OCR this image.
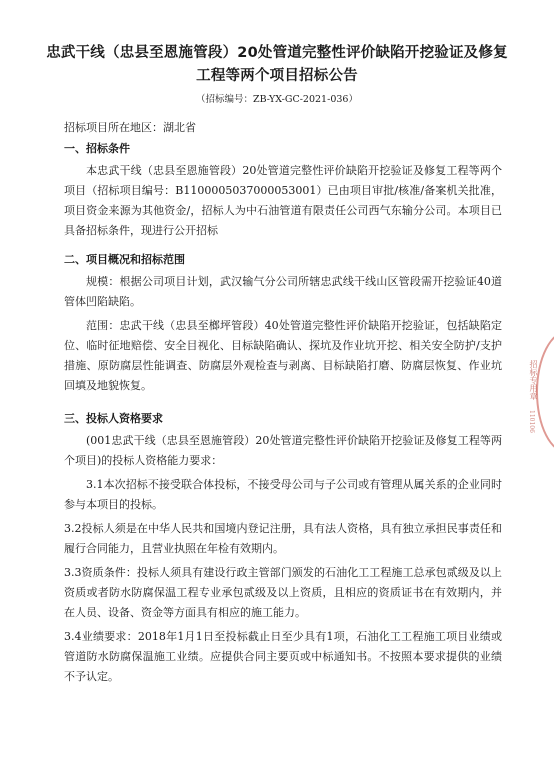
忠武干线（忠县至恩施管段）20处管道完整性评价缺陷开挖验证及修复
工程等两个项目招标公告
（招标编号：ZB-YX-GC-2021-036）

招标项目所在地区：湖北省

一、招标条件

本忠武干线（忠县至恩施管段）20处管道完整性评价缺陷开挖验证及修复工程等两个项目（招标项目编号：B1100005037000053001）已由项目审批/核准/备案机关批准，项目资金来源为其他资金/，招标人为中石油管道有限责任公司西气东输分公司。本项目已具备招标条件，现进行公开招标

二、项目概况和招标范围

规模：根据公司项目计划，武汉输气分公司所辖忠武线干线山区管段需开挖验证40道管体凹陷缺陷。

范围：忠武干线（忠县至榔坪管段）40处管道完整性评价缺陷开挖验证，包括缺陷定位、临时征地赔偿、安全目视化、目标缺陷确认、探坑及作业坑开挖、相关安全防护/支护措施、原防腐层性能调查、防腐层外观检查与剥离、目标缺陷打磨、防腐层恢复、作业坑回填及地貌恢复。

三、投标人资格要求

(001忠武干线（忠县至恩施管段）20处管道完整性评价缺陷开挖验证及修复工程等两个项目)的投标人资格能力要求：

3.1本次招标不接受联合体投标，不接受母公司与子公司或有管理从属关系的企业同时参与本项目的投标。

3.2投标人须是在中华人民共和国境内登记注册，具有法人资格，具有独立承担民事责任和履行合同能力，且营业执照在年检有效期内。

3.3资质条件：投标人须具有建设行政主管部门颁发的石油化工工程施工总承包贰级及以上资质或者防水防腐保温工程专业承包贰级及以上资质，且相应的资质证书在有效期内，并在人员、设备、资金等方面具有相应的施工能力。

3.4业绩要求：2018年1月1日至投标截止日至少具有1项，石油化工工程施工项目业绩或管道防水防腐保温施工业绩。应提供合同主要页或中标通知书。不按照本要求提供的业绩不予认定。

招标专用章
110106
